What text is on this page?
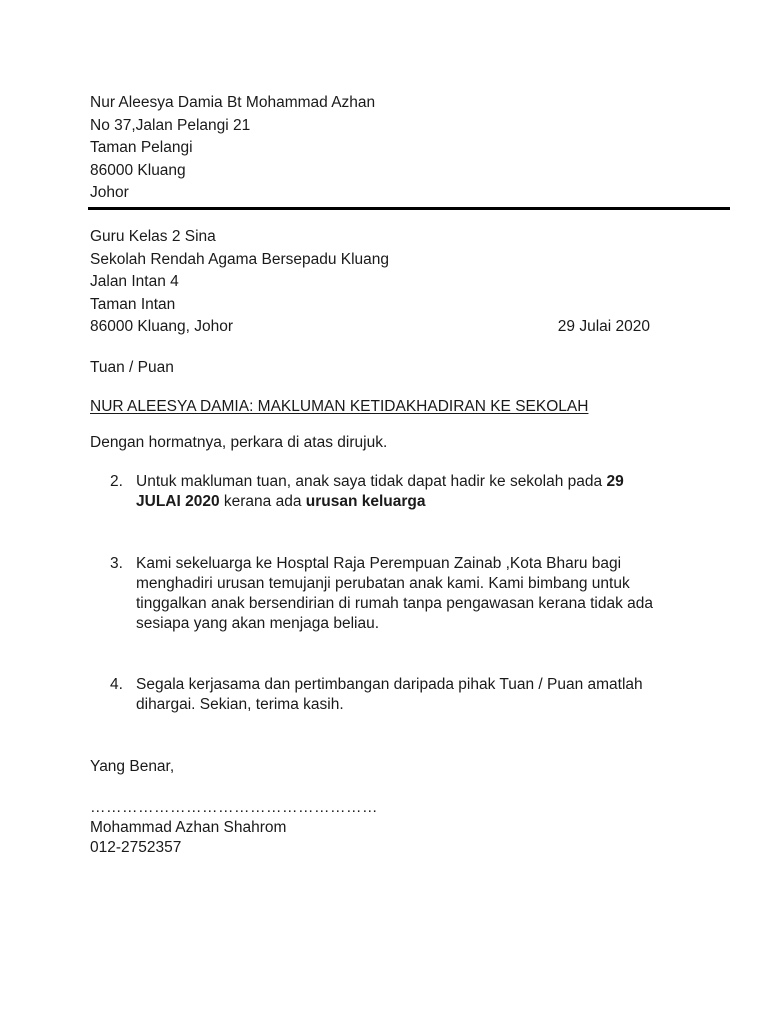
Nur Aleesya Damia Bt Mohammad Azhan
No 37,Jalan Pelangi 21
Taman Pelangi
86000 Kluang
Johor
Guru Kelas 2 Sina
Sekolah Rendah Agama Bersepadu Kluang
Jalan Intan 4
Taman Intan
86000 Kluang, Johor	29 Julai 2020
Tuan / Puan
NUR ALEESYA DAMIA: MAKLUMAN KETIDAKHADIRAN KE SEKOLAH
Dengan hormatnya, perkara di atas dirujuk.
2. Untuk makluman tuan, anak saya tidak dapat hadir ke sekolah pada 29 JULAI 2020 kerana ada urusan keluarga
3. Kami sekeluarga ke Hosptal Raja Perempuan Zainab ,Kota Bharu bagi menghadiri urusan temujanji perubatan anak kami. Kami bimbang untuk tinggalkan anak bersendirian di rumah tanpa pengawasan kerana tidak ada sesiapa yang akan menjaga beliau.
4. Segala kerjasama dan pertimbangan daripada pihak Tuan / Puan amatlah dihargai. Sekian, terima kasih.
Yang Benar,
………………………………………………
Mohammad Azhan Shahrom
012-2752357
